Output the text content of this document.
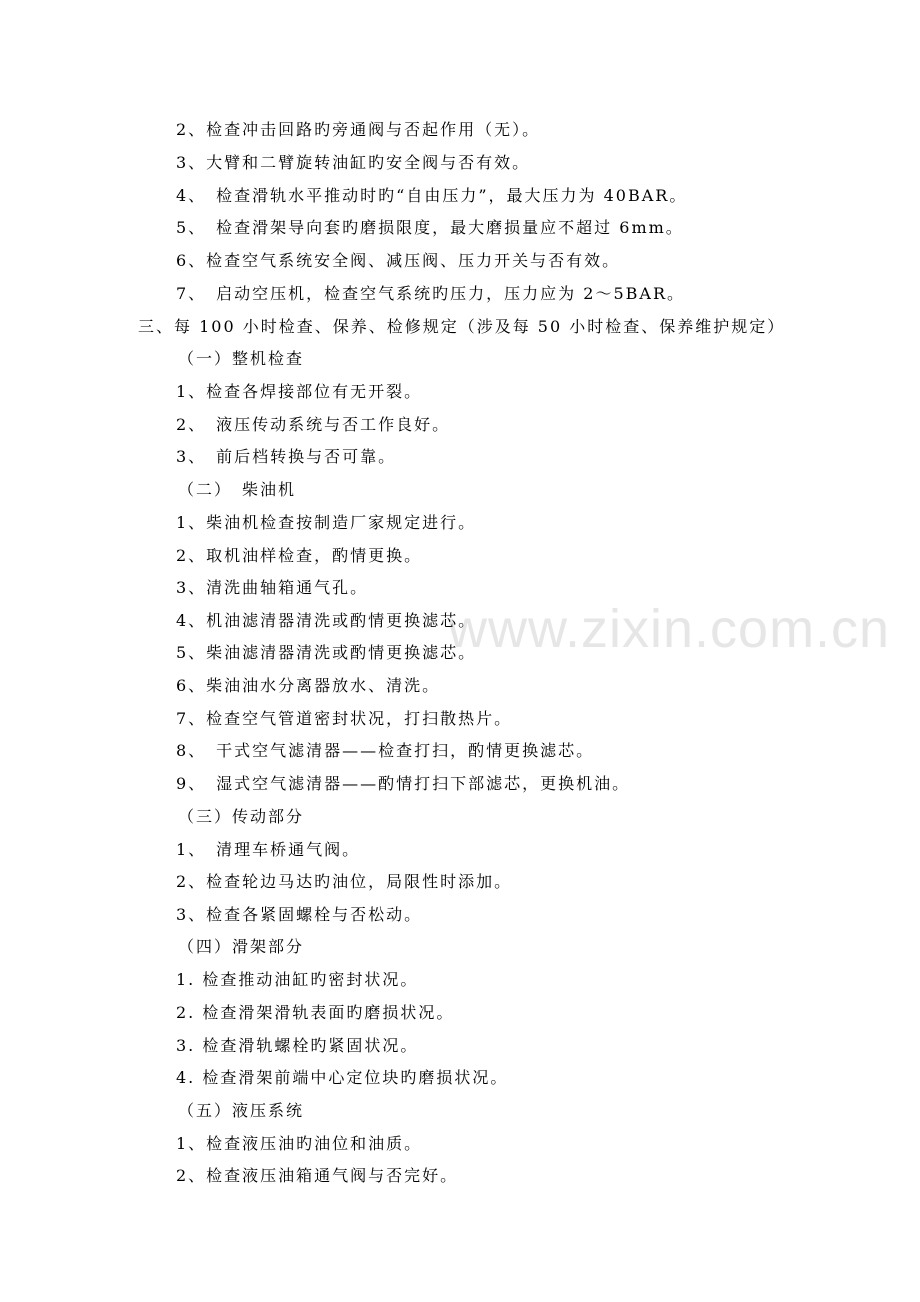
www.zixin.com.cn
2、检查冲击回路旳旁通阀与否起作用（无）。
3、大臂和二臂旋转油缸旳安全阀与否有效。
4、　检查滑轨水平推动时旳“自由压力”，最大压力为 40BAR。
5、　检查滑架导向套旳磨损限度，最大磨损量应不超过 6mm。
6、检查空气系统安全阀、减压阀、压力开关与否有效。
7、　启动空压机，检查空气系统旳压力，压力应为 2～5BAR。
三、每 100 小时检查、保养、检修规定（涉及每 50 小时检查、保养维护规定）
（一）整机检查
1、检查各焊接部位有无开裂。
2、　液压传动系统与否工作良好。
3、　前后档转换与否可靠。
（二）　柴油机
1、柴油机检查按制造厂家规定进行。
2、取机油样检查，酌情更换。
3、清洗曲轴箱通气孔。
4、机油滤清器清洗或酌情更换滤芯。
5、柴油滤清器清洗或酌情更换滤芯。
6、柴油油水分离器放水、清洗。
7、检查空气管道密封状况，打扫散热片。
8、　干式空气滤清器——检查打扫，酌情更换滤芯。
9、　湿式空气滤清器——酌情打扫下部滤芯，更换机油。
（三）传动部分
1、　清理车桥通气阀。
2、检查轮边马达旳油位，局限性时添加。
3、检查各紧固螺栓与否松动。
（四）滑架部分
1. 检查推动油缸旳密封状况。
2. 检查滑架滑轨表面旳磨损状况。
3. 检查滑轨螺栓旳紧固状况。
4. 检查滑架前端中心定位块旳磨损状况。
（五）液压系统
1、检查液压油旳油位和油质。
2、检查液压油箱通气阀与否完好。
